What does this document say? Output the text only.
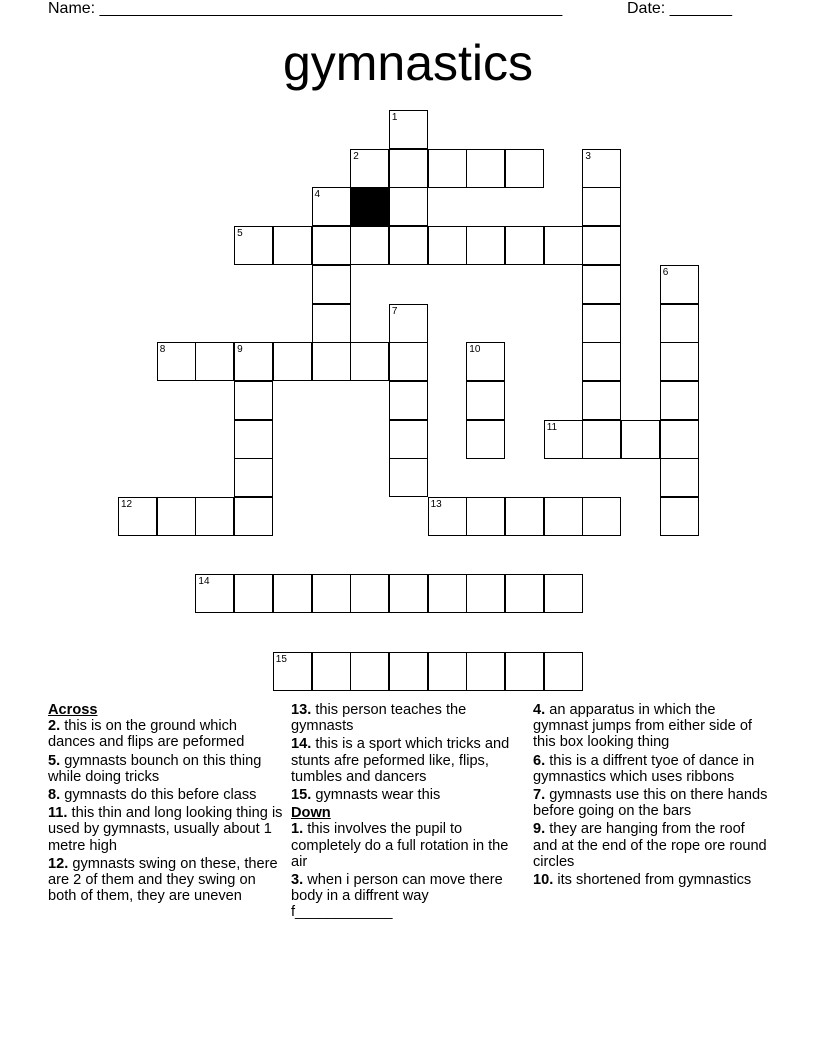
Name: ____________________________________________________	Date: _______
gymnastics
1
2	3
4
5
6
7
8	9	10
11
12	13
14
15

Across

2. this is on the ground which dances and flips are peformed

5. gymnasts bounch on this thing while doing tricks

8. gymnasts do this before class

11. this thin and long looking thing is used by gymnasts, usually about 1 metre high

12. gymnasts swing on these, there are 2 of them and they swing on both of them, they are uneven

13. this person teaches the gymnasts

14. this is a sport which tricks and stunts afre peformed like, flips, tumbles and dancers

15. gymnasts wear this

Down

1. this involves the pupil to completely do a full rotation in the air

3. when i person can move there body in a diffrent way f____________

4. an apparatus in which the gymnast jumps from either side of this box looking thing

6. this is a diffrent tyoe of dance in gymnastics which uses ribbons

7. gymnasts use this on there hands before going on the bars

9. they are hanging from the roof and at the end of the rope ore round circles

10. its shortened from gymnastics
